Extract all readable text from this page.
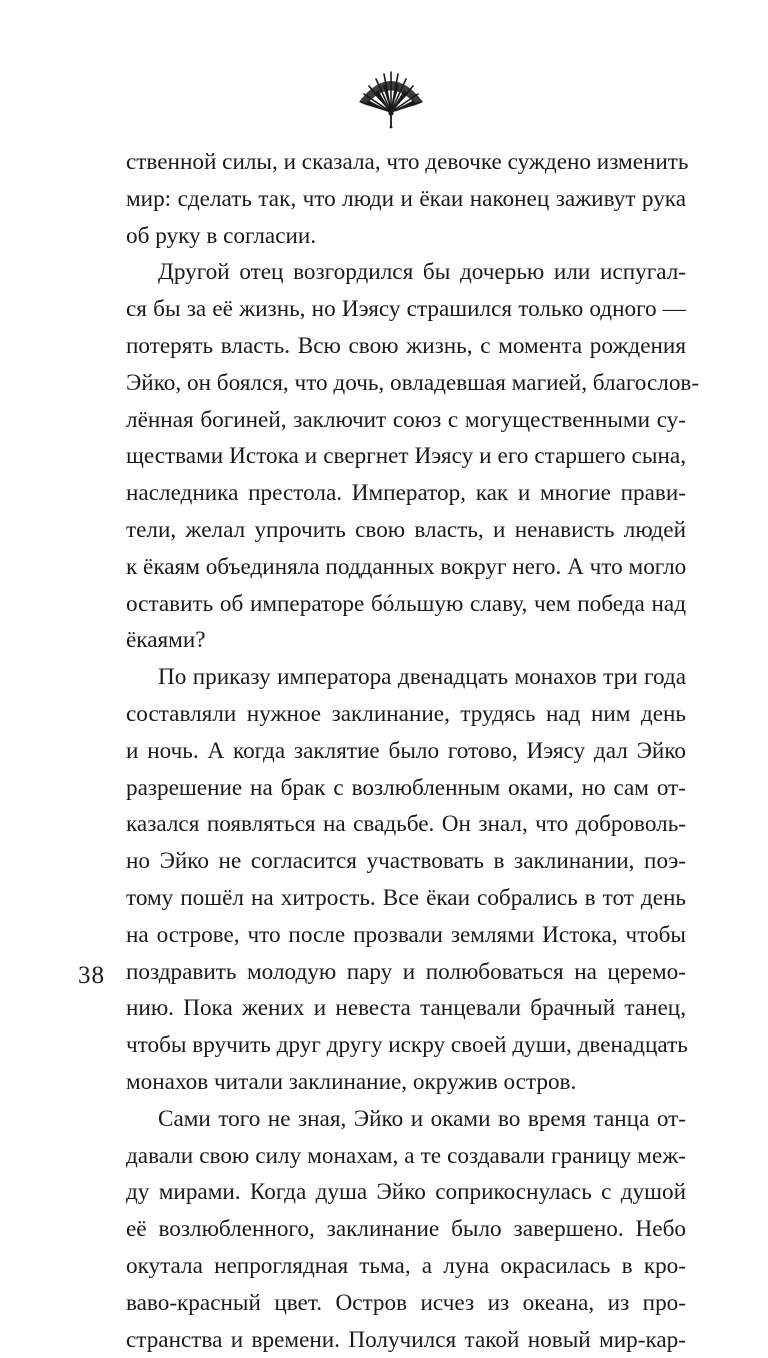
38
ственной силы, и сказала, что девочке суждено изменить
мир: сделать так, что люди и ёкаи наконец заживут рука
об руку в согласии.
Другой отец возгордился бы дочерью или испугал-
ся бы за её жизнь, но Иэясу страшился только одного —
потерять власть. Всю свою жизнь, с момента рождения
Эйко, он боялся, что дочь, овладевшая магией, благослов-
лённая богиней, заключит союз с могущественными су-
ществами Истока и свергнет Иэясу и его старшего сына,
наследника престола. Император, как и многие прави-
тели, желал упрочить свою власть, и ненависть людей
к ёкаям объединяла подданных вокруг него. А что могло
оставить об императоре бóльшую славу, чем победа над
ёкаями?
По приказу императора двенадцать монахов три года
составляли нужное заклинание, трудясь над ним день
и ночь. А когда заклятие было готово, Иэясу дал Эйко
разрешение на брак с возлюбленным оками, но сам от-
казался появляться на свадьбе. Он знал, что доброволь-
но Эйко не согласится участвовать в заклинании, поэ-
тому пошёл на хитрость. Все ёкаи собрались в тот день
на острове, что после прозвали землями Истока, чтобы
поздравить молодую пару и полюбоваться на церемо-
нию. Пока жених и невеста танцевали брачный танец,
чтобы вручить друг другу искру своей души, двенадцать
монахов читали заклинание, окружив остров.
Сами того не зная, Эйко и оками во время танца от-
давали свою силу монахам, а те создавали границу меж-
ду мирами. Когда душа Эйко соприкоснулась с душой
её возлюбленного, заклинание было завершено. Небо
окутала непроглядная тьма, а луна окрасилась в кро-
ваво-красный цвет. Остров исчез из океана, из про-
странства и времени. Получился такой новый мир-кар-
